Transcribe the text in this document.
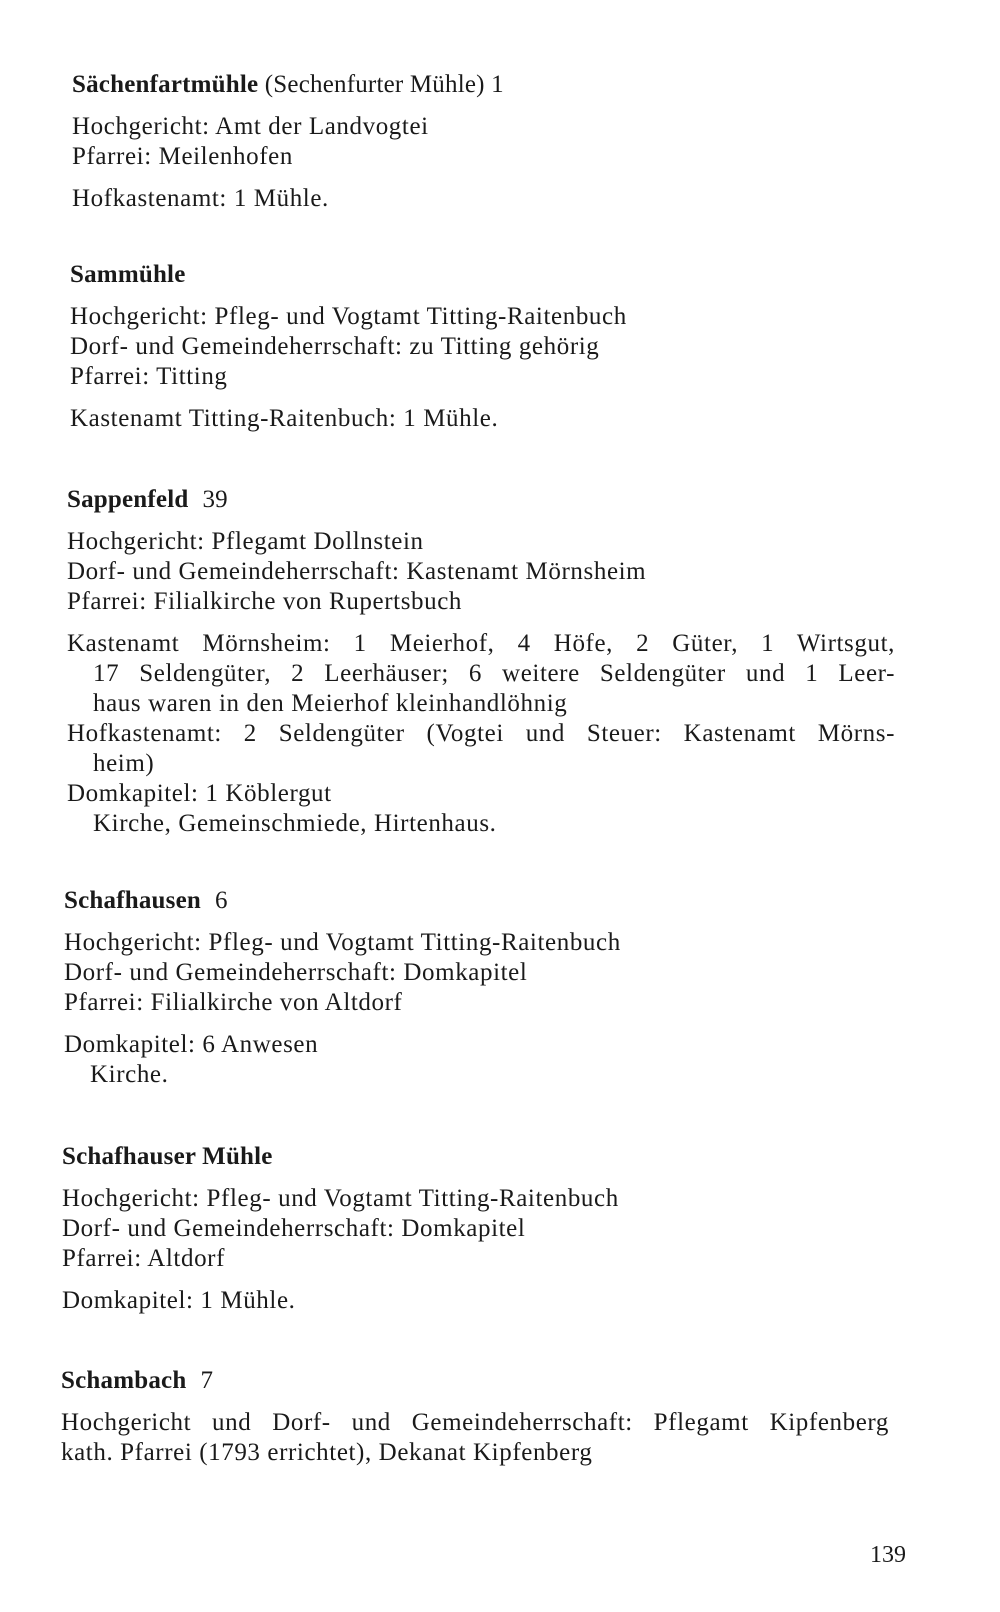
Sächenfartmühle (Sechenfurter Mühle) 1
Hochgericht: Amt der Landvogtei
Pfarrei: Meilenhofen
Hofkastenamt: 1 Mühle.
Sammühle
Hochgericht: Pfleg- und Vogtamt Titting-Raitenbuch
Dorf- und Gemeindeherrschaft: zu Titting gehörig
Pfarrei: Titting
Kastenamt Titting-Raitenbuch: 1 Mühle.
Sappenfeld 39
Hochgericht: Pflegamt Dollnstein
Dorf- und Gemeindeherrschaft: Kastenamt Mörnsheim
Pfarrei: Filialkirche von Rupertsbuch
Kastenamt Mörnsheim: 1 Meierhof, 4 Höfe, 2 Güter, 1 Wirtsgut,
17 Seldengüter, 2 Leerhäuser; 6 weitere Seldengüter und 1 Leer-
haus waren in den Meierhof kleinhandlöhnig
Hofkastenamt: 2 Seldengüter (Vogtei und Steuer: Kastenamt Mörns-
heim)
Domkapitel: 1 Köblergut
Kirche, Gemeinschmiede, Hirtenhaus.
Schafhausen 6
Hochgericht: Pfleg- und Vogtamt Titting-Raitenbuch
Dorf- und Gemeindeherrschaft: Domkapitel
Pfarrei: Filialkirche von Altdorf
Domkapitel: 6 Anwesen
Kirche.
Schafhauser Mühle
Hochgericht: Pfleg- und Vogtamt Titting-Raitenbuch
Dorf- und Gemeindeherrschaft: Domkapitel
Pfarrei: Altdorf
Domkapitel: 1 Mühle.
Schambach 7
Hochgericht und Dorf- und Gemeindeherrschaft: Pflegamt Kipfenberg
kath. Pfarrei (1793 errichtet), Dekanat Kipfenberg
139
